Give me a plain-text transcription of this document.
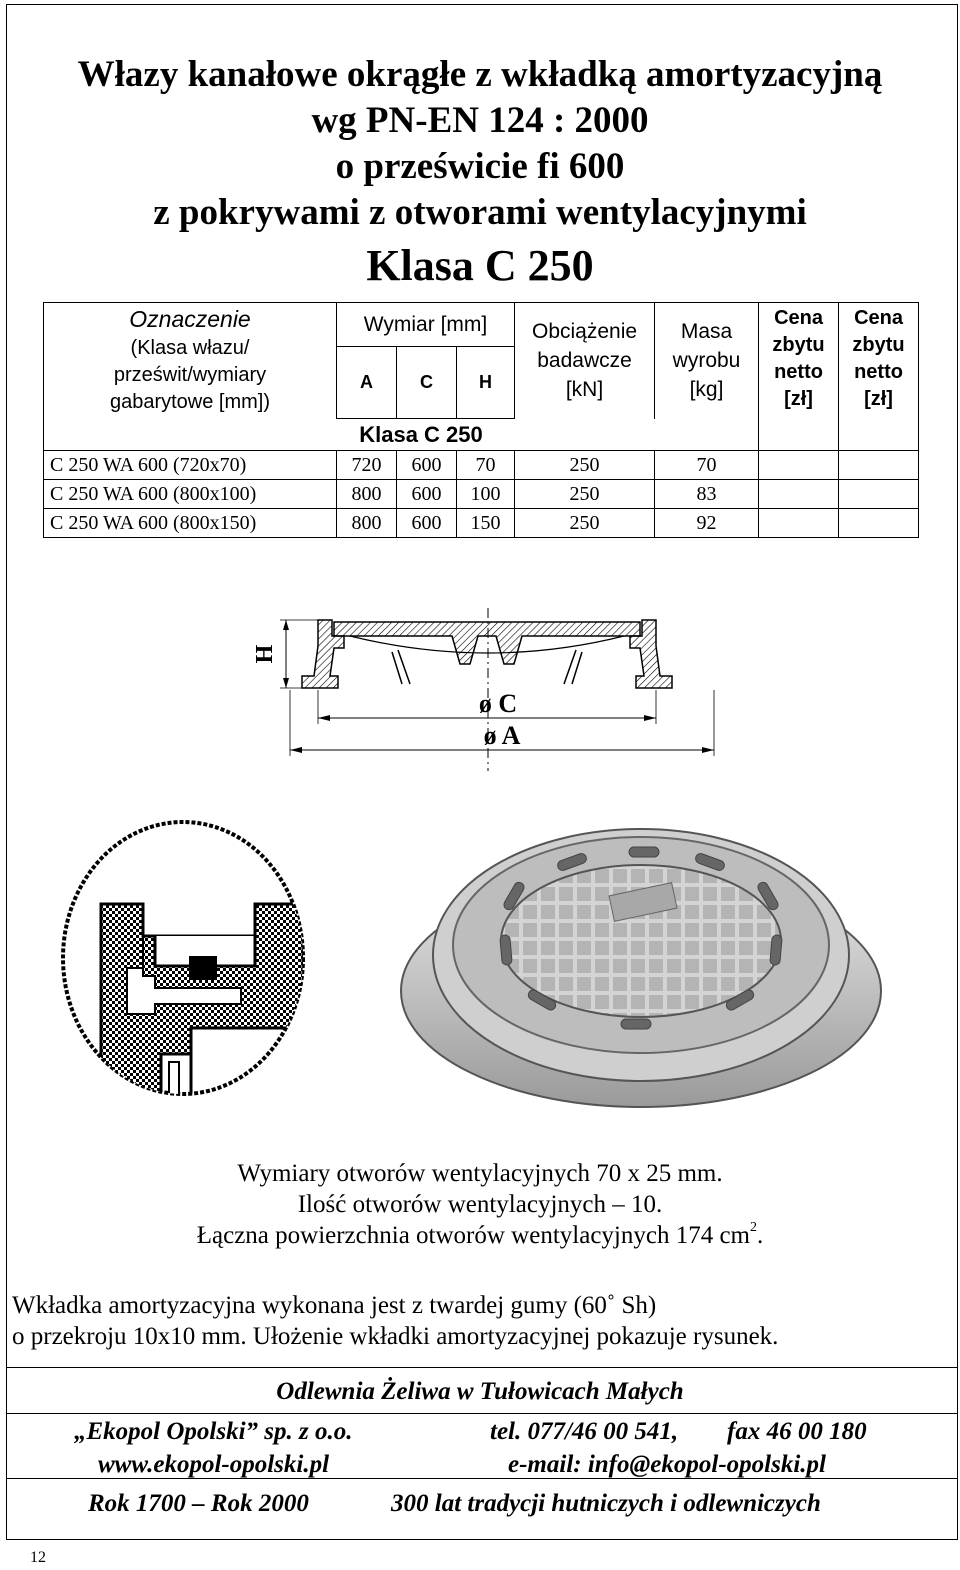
Włazy kanałowe okrągłe z wkładką amortyzacyjną
wg PN-EN 124 : 2000
o prześwicie fi 600
z pokrywami z otworami wentylacyjnymi
Klasa C 250
Oznaczenie
(Klasa włazu/
prześwit/wymiary
gabarytowe [mm])	Wymiar [mm]			Obciążenie
badawcze
[kN]	Masa
wyrobu
[kg]	Cena
zbytu
netto
[zł]	Cena
zbytu
netto
[zł]
	A	C	H				
Klasa C 250							
C 250 WA 600 (720x70)	720	600	70	250	70		
C 250 WA 600 (800x100)	800	600	100	250	83		
C 250 WA 600 (800x150)	800	600	150	250	92		
H
ø C
ø A
Wymiary otworów wentylacyjnych 70 x 25 mm.
Ilość otworów wentylacyjnych – 10.
Łączna powierzchnia otworów wentylacyjnych 174 $cm^2$.
Wkładka amortyzacyjna wykonana jest z twardej gumy (60˚ Sh)
o przekroju 10x10 mm. Ułożenie wkładki amortyzacyjnej pokazuje rysunek.
Odlewnia Żeliwa w Tułowicach Małych
„Ekopol Opolski” sp. z o.o.	tel. 077/46 00 541, fax 46 00 180
www.ekopol-opolski.pl	e-mail: info@ekopol-opolski.pl
Rok 1700 – Rok 2000	300 lat tradycji hutniczych i odlewniczych
12
